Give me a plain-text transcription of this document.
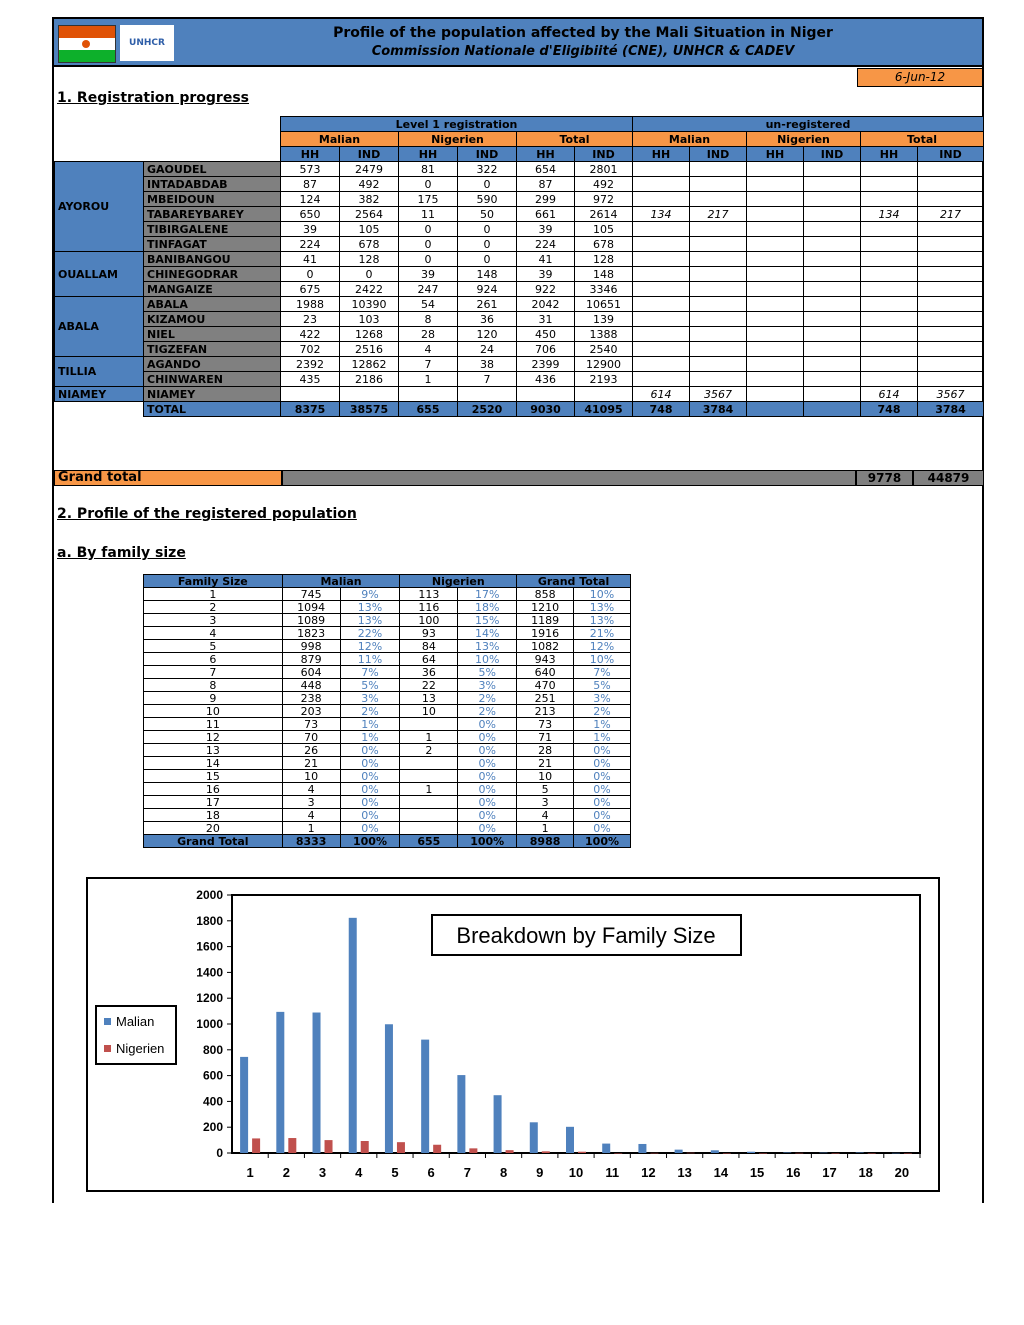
UNHCR
Profile of the population affected by the Mali Situation in Niger
Commission Nationale d'Eligibiité (CNE), UNHCR & CADEV
6-Jun-12
1. Registration progress
		Level 1 registration						un-registered					
		Malian		Nigerien		Total		Malian		Nigerien		Total	
		HH	IND	HH	IND	HH	IND	HH	IND	HH	IND	HH	IND
AYOROU	GAOUDEL	573	2479	81	322	654	2801						
	INTADABDAB	87	492	0	0	87	492						
	MBEIDOUN	124	382	175	590	299	972						
	TABAREYBAREY	650	2564	11	50	661	2614	134	217			134	217
	TIBIRGALENE	39	105	0	0	39	105						
	TINFAGAT	224	678	0	0	224	678						
OUALLAM	BANIBANGOU	41	128	0	0	41	128						
	CHINEGODRAR	0	0	39	148	39	148						
	MANGAIZE	675	2422	247	924	922	3346						
ABALA	ABALA	1988	10390	54	261	2042	10651						
	KIZAMOU	23	103	8	36	31	139						
	NIEL	422	1268	28	120	450	1388						
	TIGZEFAN	702	2516	4	24	706	2540						
TILLIA	AGANDO	2392	12862	7	38	2399	12900						
	CHINWAREN	435	2186	1	7	436	2193						
NIAMEY	NIAMEY							614	3567			614	3567
	TOTAL	8375	38575	655	2520	9030	41095	748	3784			748	3784
Grand total	9778	44879
2. Profile of the registered population
a. By family size
Family Size	Malian		Nigerien		Grand Total	
1	745	9%	113	17%	858	10%
2	1094	13%	116	18%	1210	13%
3	1089	13%	100	15%	1189	13%
4	1823	22%	93	14%	1916	21%
5	998	12%	84	13%	1082	12%
6	879	11%	64	10%	943	10%
7	604	7%	36	5%	640	7%
8	448	5%	22	3%	470	5%
9	238	3%	13	2%	251	3%
10	203	2%	10	2%	213	2%
11	73	1%		0%	73	1%
12	70	1%	1	0%	71	1%
13	26	0%	2	0%	28	0%
14	21	0%		0%	21	0%
15	10	0%		0%	10	0%
16	4	0%	1	0%	5	0%
17	3	0%		0%	3	0%
18	4	0%		0%	4	0%
20	1	0%		0%	1	0%
Grand Total	8333	100%	655	100%	8988	100%
0
200
400
600
800
1000
1200
1400
1600
1800
2000
1 2 3 4 5 6 7 8 9 10 11 12 13 14 15 16 17 18 20
Breakdown by Family Size
Malian
Nigerien
